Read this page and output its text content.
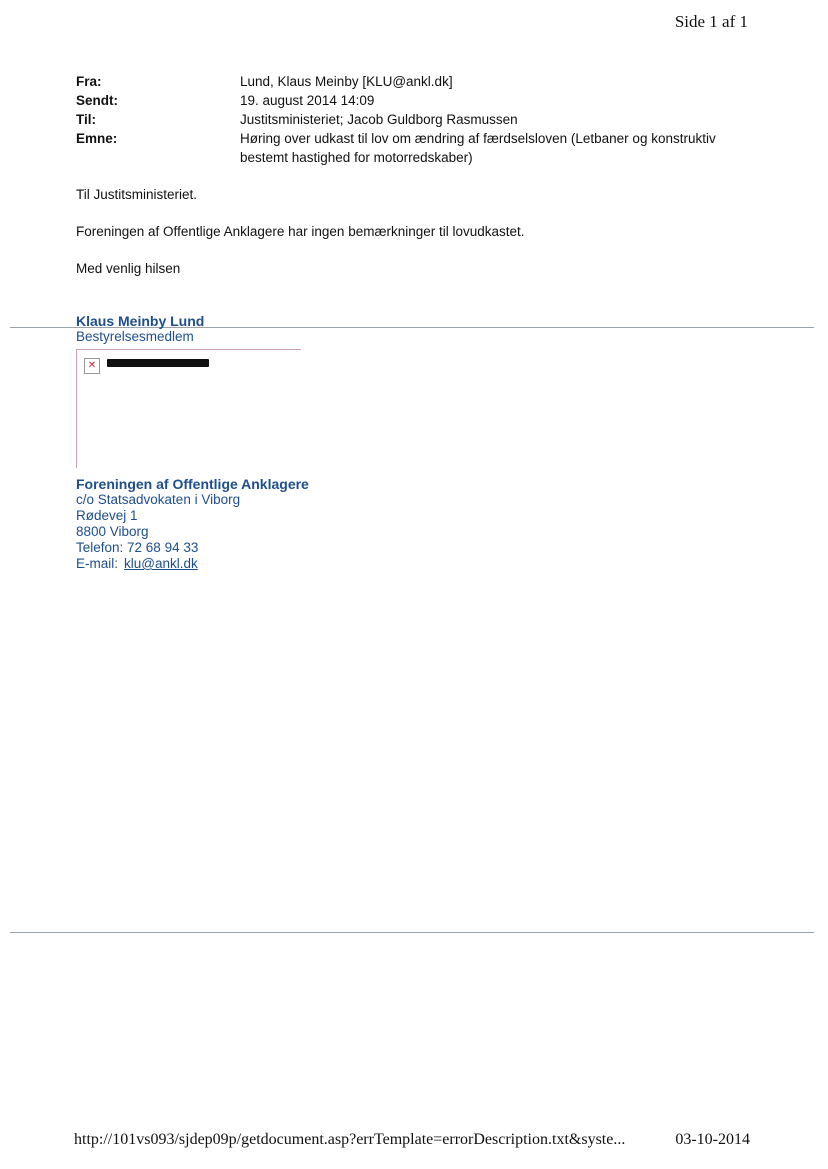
Side 1 af 1
Fra:	Lund, Klaus Meinby [KLU@ankl.dk]
Sendt:	19. august 2014 14:09
Til:	Justitsministeriet; Jacob Guldborg Rasmussen
Emne:	Høring over udkast til lov om ændring af færdselsloven (Letbaner og konstruktiv
bestemt hastighed for motorredskaber)

Til Justitsministeriet.

Foreningen af Offentlige Anklagere har ingen bemærkninger til lovudkastet.

Med venlig hilsen

Klaus Meinby Lund
Bestyrelsesmedlem
✕
Foreningen af Offentlige Anklagere
c/o Statsadvokaten i Viborg
Rødevej 1
8800 Viborg
Telefon: 72 68 94 33
E-mail: klu@ankl.dk
http://101vs093/sjdep09p/getdocument.asp?errTemplate=errorDescription.txt&syste...	03-10-2014
